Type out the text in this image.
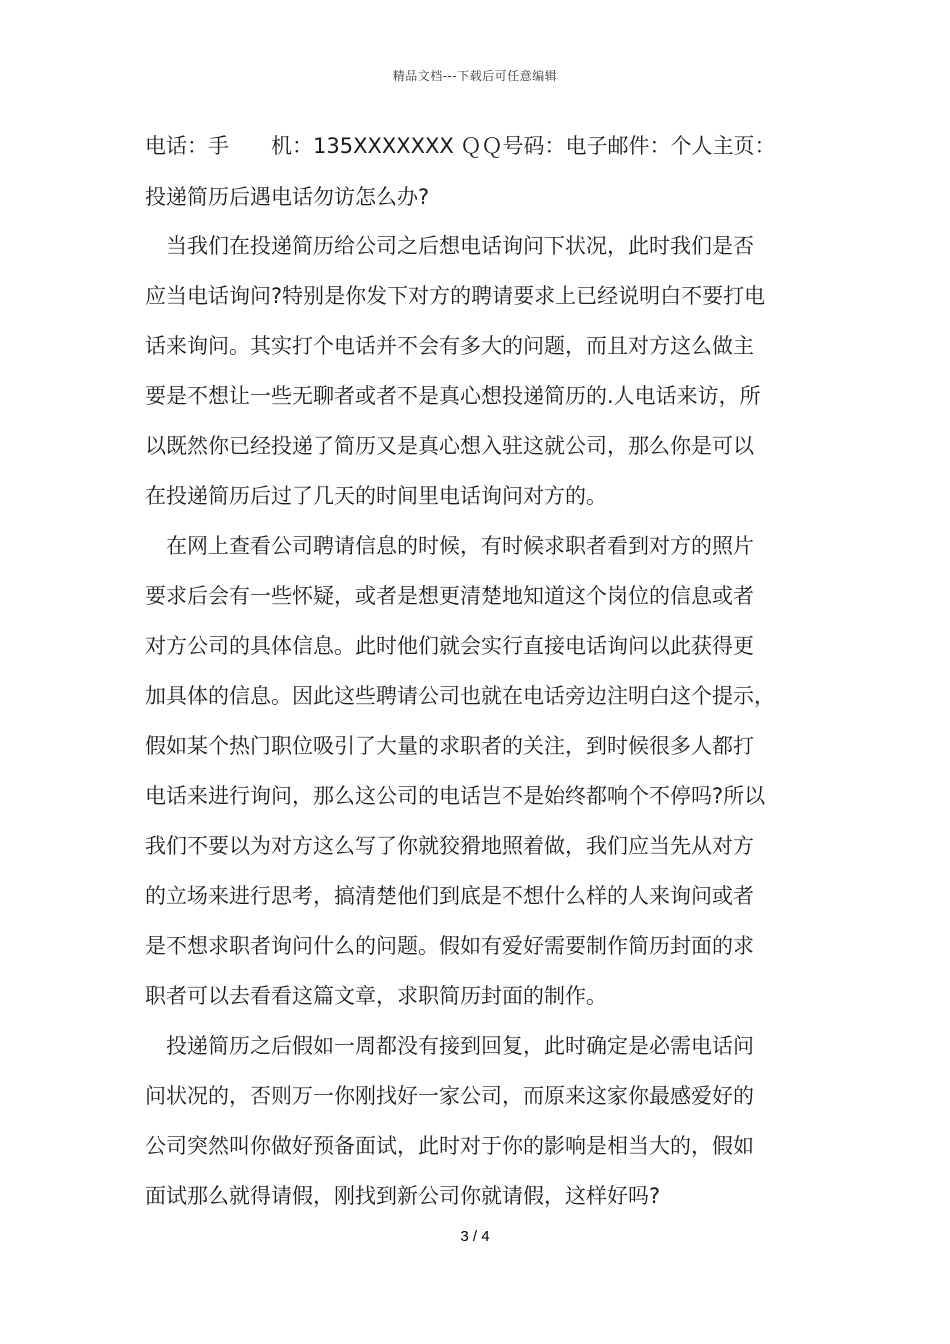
精品文档---下载后可任意编辑

电话：手　　机：135XXXXXXX ＱＱ号码：电子邮件：个人主页：

投递简历后遇电话勿访怎么办?

当我们在投递简历给公司之后想电话询问下状况，此时我们是否

应当电话询问?特别是你发下对方的聘请要求上已经说明白不要打电

话来询问。其实打个电话并不会有多大的问题，而且对方这么做主

要是不想让一些无聊者或者不是真心想投递简历的.人电话来访，所

以既然你已经投递了简历又是真心想入驻这就公司，那么你是可以

在投递简历后过了几天的时间里电话询问对方的。

在网上查看公司聘请信息的时候，有时候求职者看到对方的照片

要求后会有一些怀疑，或者是想更清楚地知道这个岗位的信息或者

对方公司的具体信息。此时他们就会实行直接电话询问以此获得更

加具体的信息。因此这些聘请公司也就在电话旁边注明白这个提示，

假如某个热门职位吸引了大量的求职者的关注，到时候很多人都打

电话来进行询问，那么这公司的电话岂不是始终都响个不停吗?所以

我们不要以为对方这么写了你就狡猾地照着做，我们应当先从对方

的立场来进行思考，搞清楚他们到底是不想什么样的人来询问或者

是不想求职者询问什么的问题。假如有爱好需要制作简历封面的求

职者可以去看看这篇文章，求职简历封面的制作。

投递简历之后假如一周都没有接到回复，此时确定是必需电话问

问状况的，否则万一你刚找好一家公司，而原来这家你最感爱好的

公司突然叫你做好预备面试，此时对于你的影响是相当大的，假如

面试那么就得请假，刚找到新公司你就请假，这样好吗?

3 / 4
